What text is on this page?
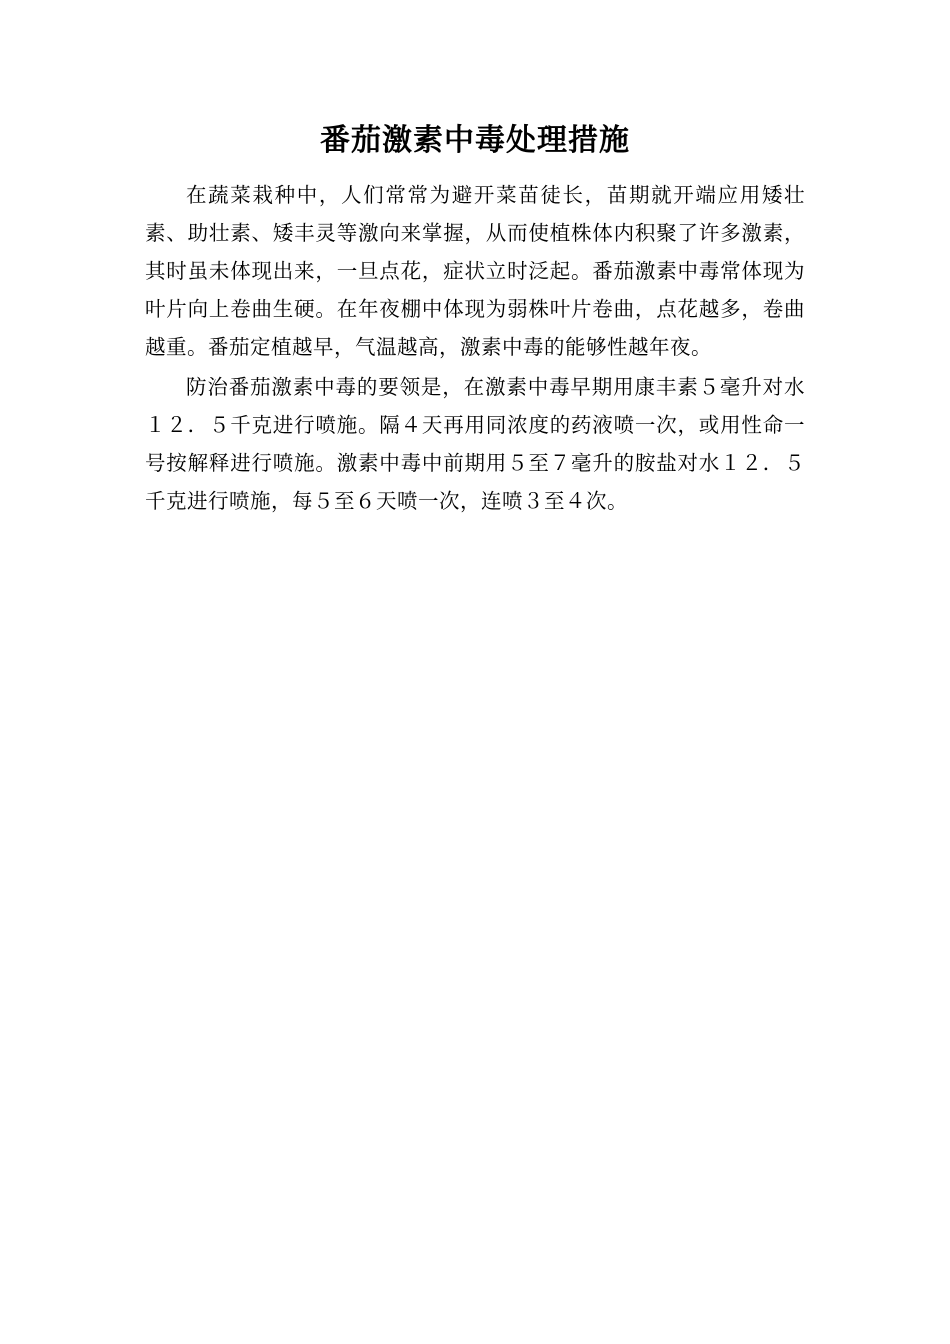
番茄激素中毒处理措施

在蔬菜栽种中，人们常常为避开菜苗徒长，苗期就开端应用矮壮素、助壮素、矮丰灵等激向来掌握，从而使植株体内积聚了许多激素，其时虽未体现出来，一旦点花，症状立时泛起。番茄激素中毒常体现为叶片向上卷曲生硬。在年夜棚中体现为弱株叶片卷曲，点花越多，卷曲越重。番茄定植越早，气温越高，激素中毒的能够性越年夜。

防治番茄激素中毒的要领是，在激素中毒早期用康丰素５毫升对水１２．５千克进行喷施。隔４天再用同浓度的药液喷一次，或用性命一号按解释进行喷施。激素中毒中前期用５至７毫升的胺盐对水１２．５千克进行喷施，每５至６天喷一次，连喷３至４次。
